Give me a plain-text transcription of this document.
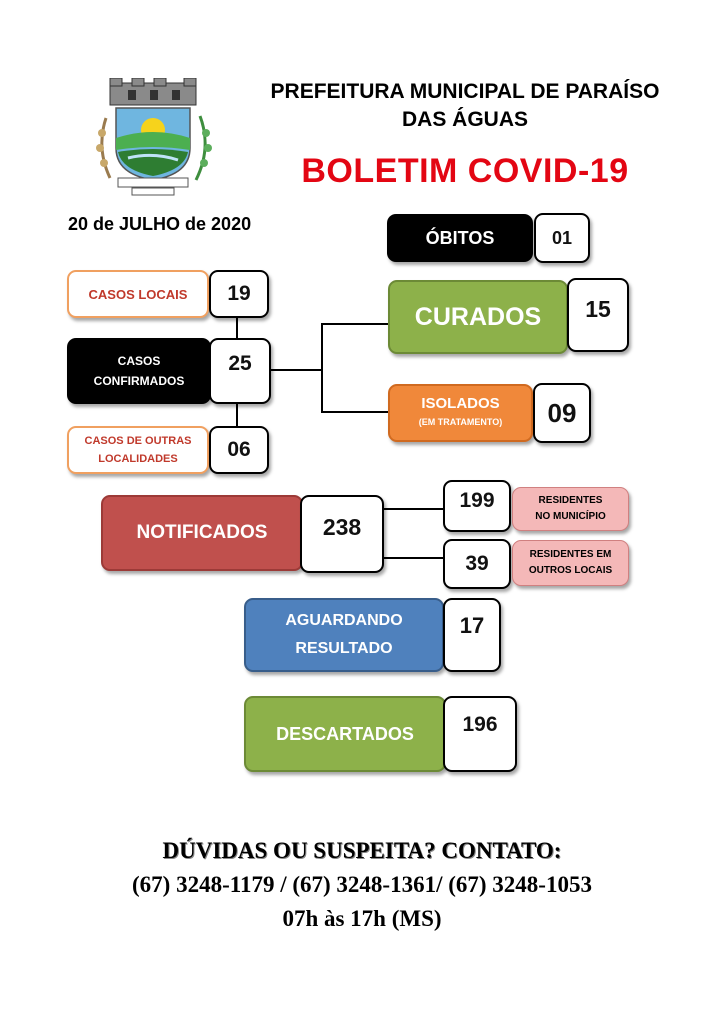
PREFEITURA MUNICIPAL DE PARAÍSO
DAS ÁGUAS
BOLETIM COVID-19
20 de JULHO de 2020
ÓBITOS	01
CASOS LOCAIS 19
CASOS
CONFIRMADOS
25
CASOS DE OUTRAS
LOCALIDADES 06
CURADOS 15
ISOLADOS
(EM TRATAMENTO) 09
NOTIFICADOS 238
199	RESIDENTES
NO MUNICÍPIO
39	RESIDENTES EM
OUTROS LOCAIS
AGUARDANDO
RESULTADO
17
DESCARTADOS 196
DÚVIDAS OU SUSPEITA? CONTATO:
(67) 3248-1179 / (67) 3248-1361/ (67) 3248-1053
07h às 17h (MS)
